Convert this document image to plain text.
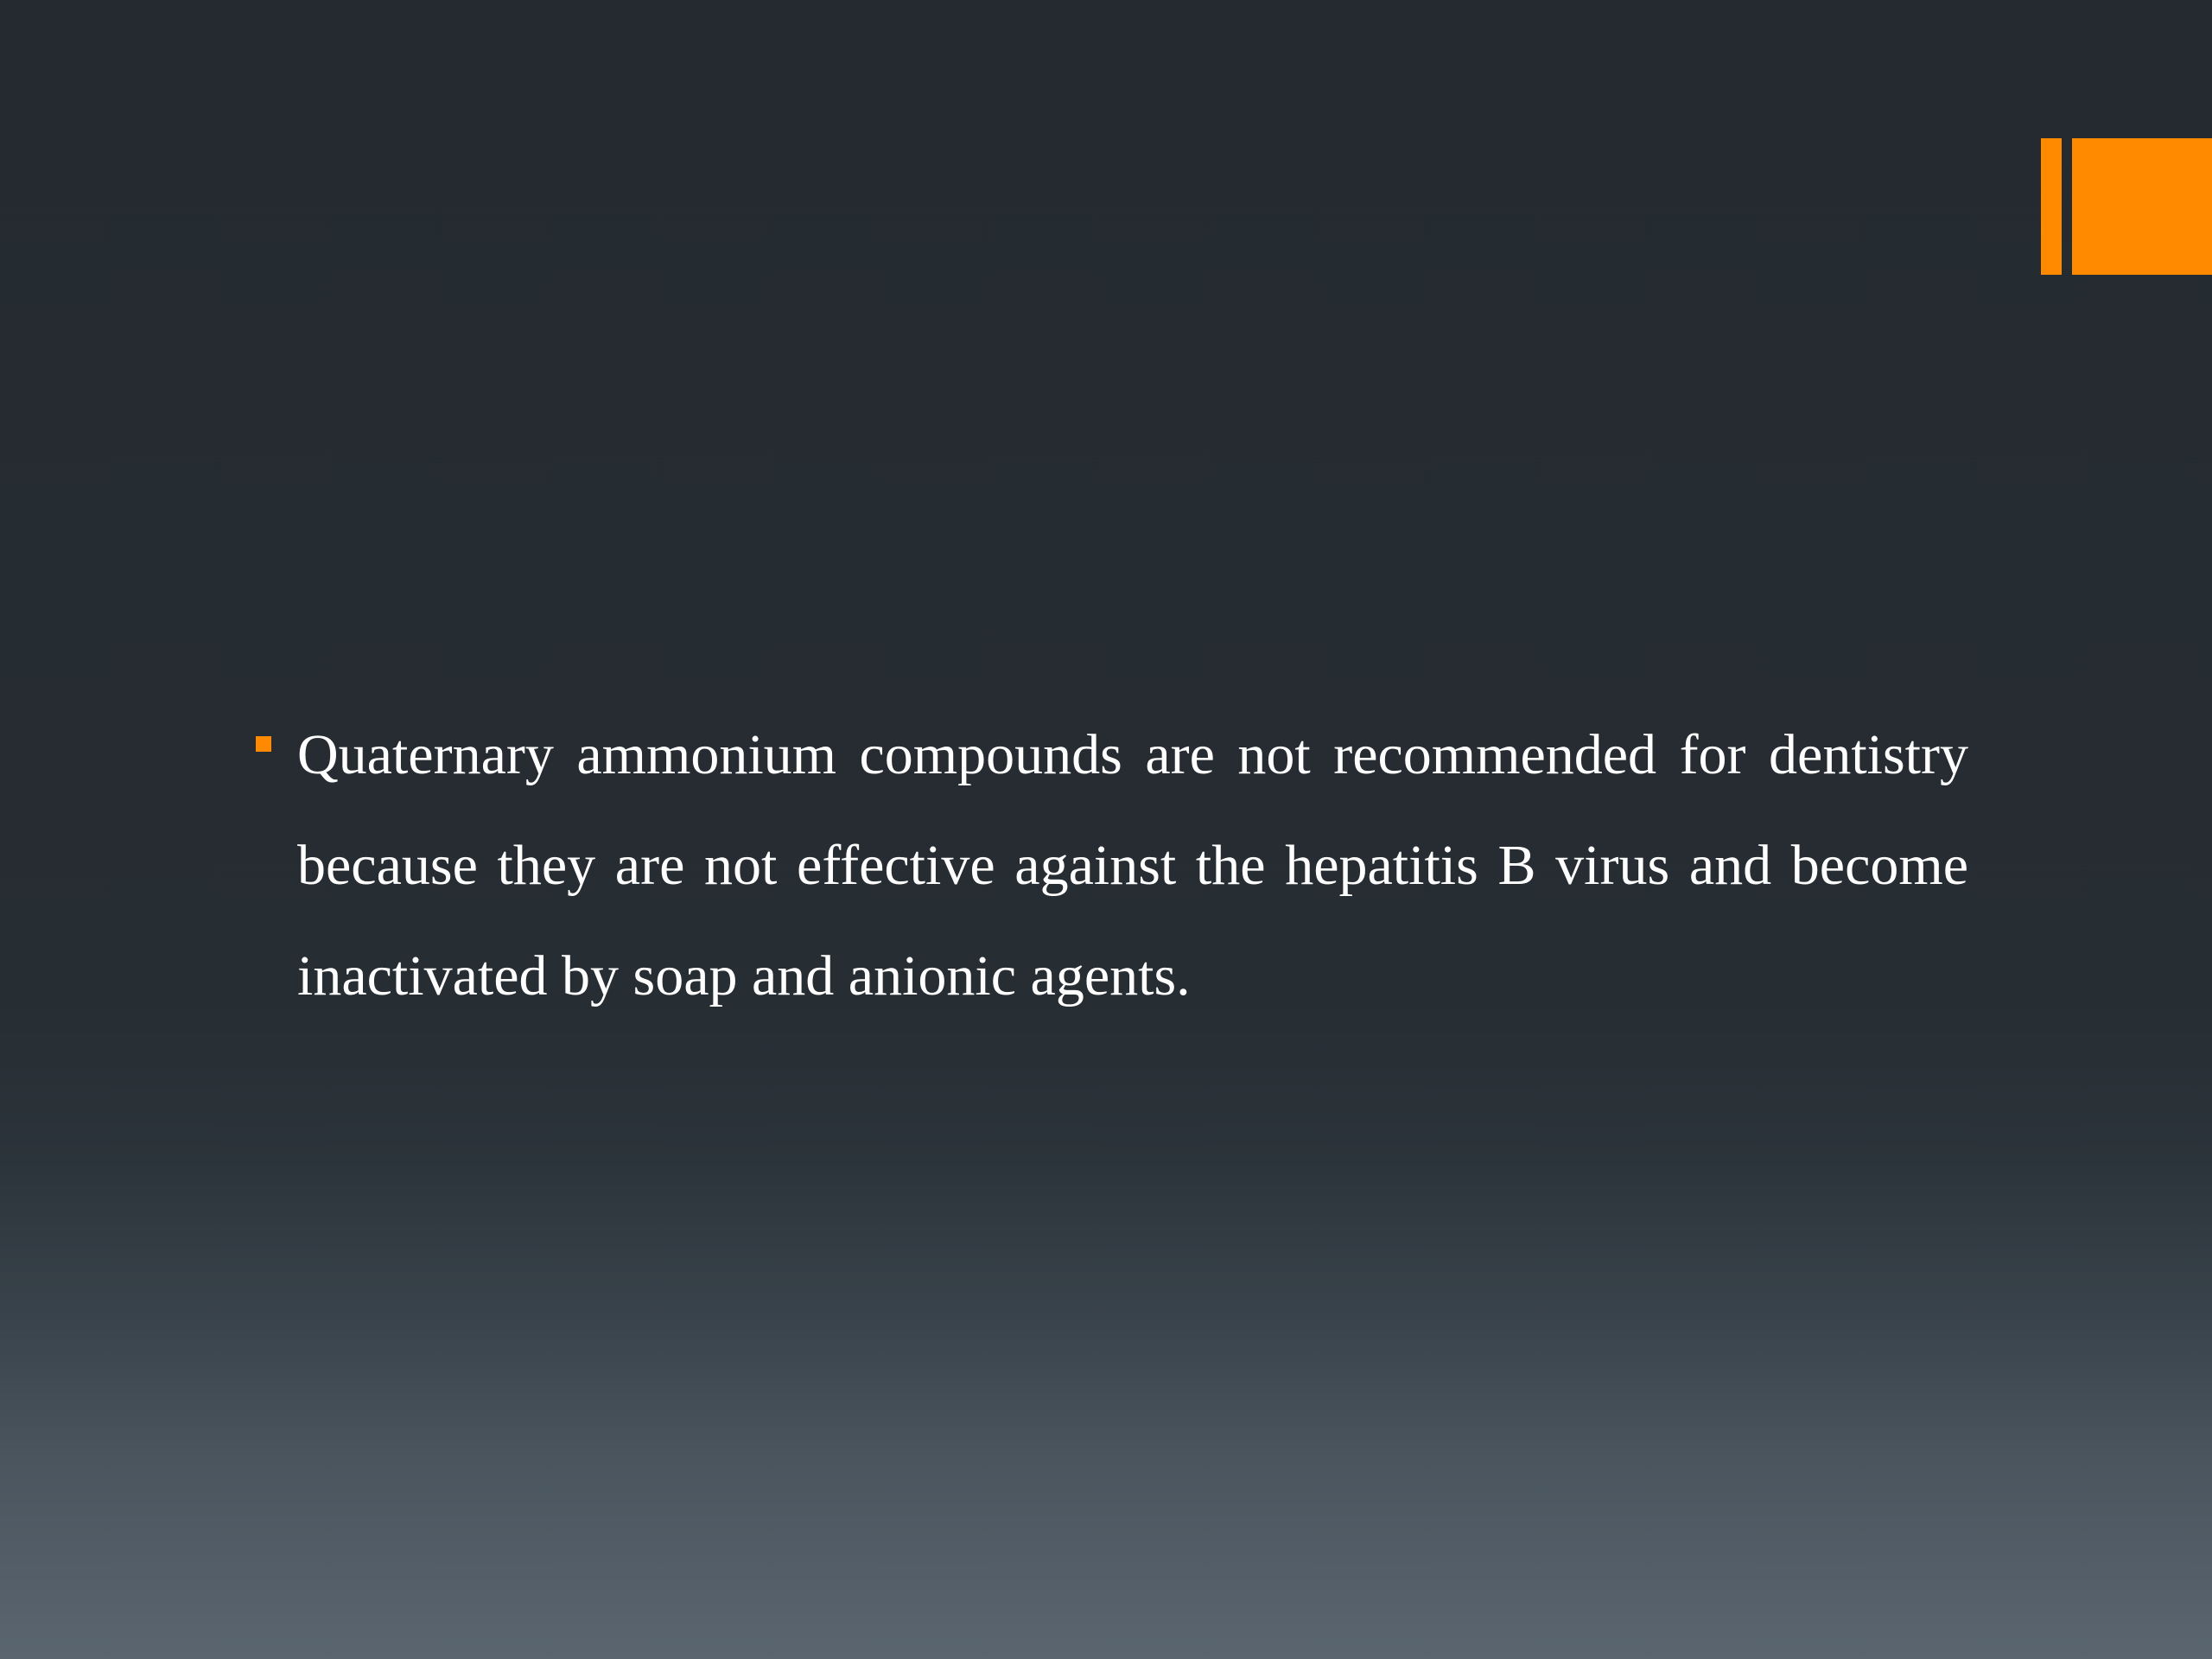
Quaternary ammonium compounds are not recommended for dentistry because they are not effective against the hepatitis B virus and become inactivated by soap and anionic agents.
